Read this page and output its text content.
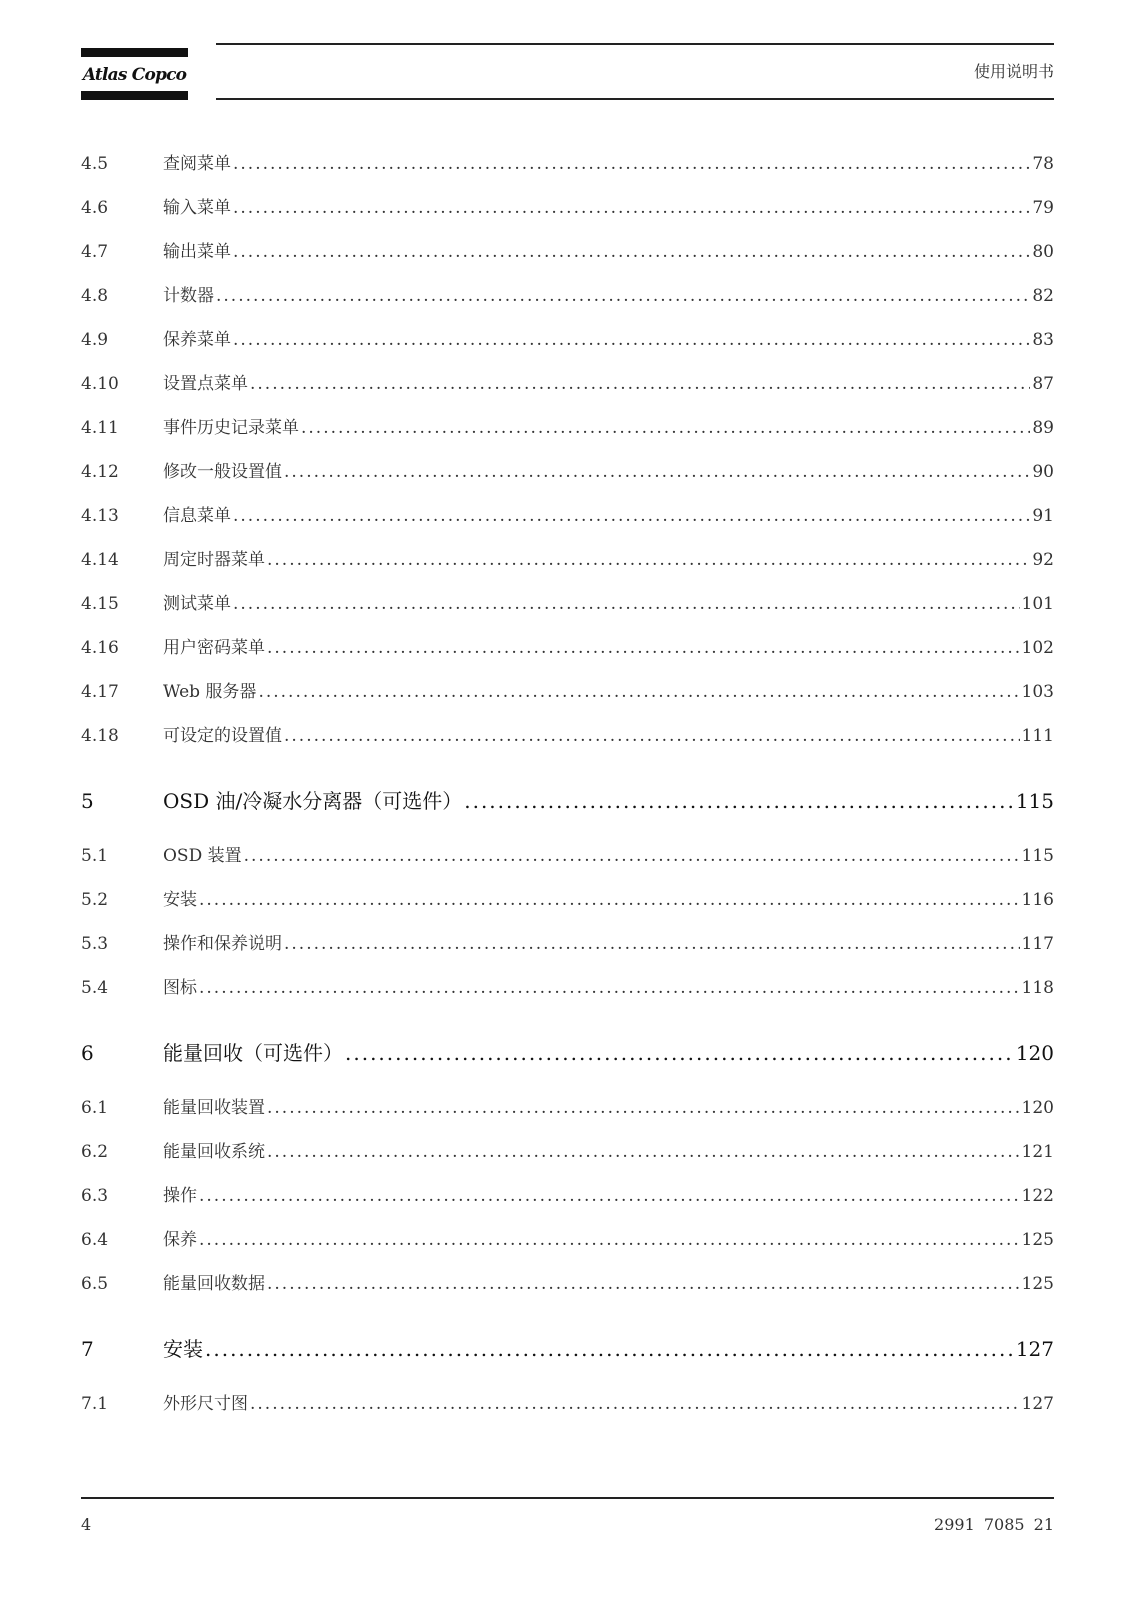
Atlas Copco	使用说明书
4.5	查阅菜单 .....	78
4.6	输入菜单 .....	79
4.7	输出菜单 .....	80
4.8	计数器 .....	82
4.9	保养菜单 .....	83
4.10	设置点菜单 .....	87
4.11	事件历史记录菜单 .....	89
4.12	修改一般设置值 .....	90
4.13	信息菜单 .....	91
4.14	周定时器菜单 .....	92
4.15	测试菜单 .....	101
4.16	用户密码菜单 .....	102
4.17	Web 服务器 .....	103
4.18	可设定的设置值 .....	111
5	OSD 油/冷凝水分离器（可选件） .....	115
5.1	OSD 装置 .....	115
5.2	安装 .....	116
5.3	操作和保养说明 .....	117
5.4	图标 .....	118
6	能量回收（可选件） .....	120
6.1	能量回收装置 .....	120
6.2	能量回收系统 .....	121
6.3	操作 .....	122
6.4	保养 .....	125
6.5	能量回收数据 .....	125
7	安装 .....	127
7.1	外形尺寸图 .....	127
4	2991 7085 21
